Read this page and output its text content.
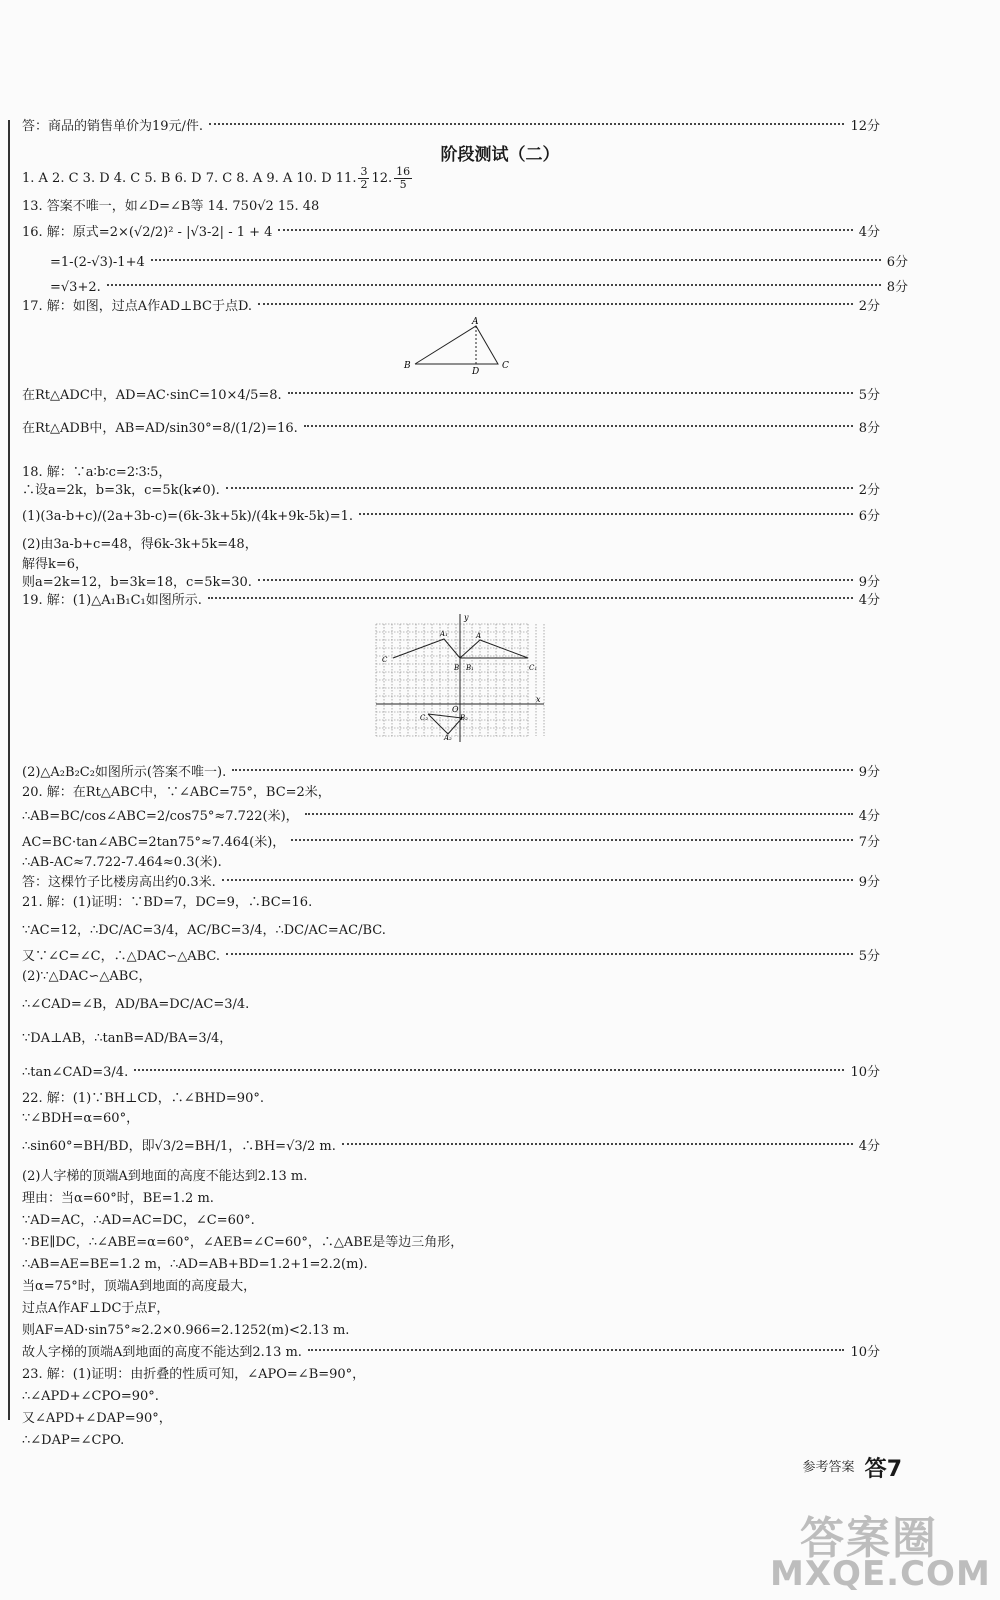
答：商品的销售单价为19元/件.	12分
阶段测试（二）
1. A 2. C 3. D 4. C 5. B 6. D 7. C 8. A 9. A 10. D 11. $\frac{3}{2} 12$. $\frac{16}{5}$
13. 答案不唯一，如∠D=∠B等 14. 750√2 15. 48
16. 解：原式=2×(√2/2)² - |√3-2| - 1 + 4	4分
=1-(2-√3)-1+4	6分
=√3+2.	8分
17. 解：如图，过点A作AD⊥BC于点D.	2分
A
B	C
D
在Rt△ADC中，AD=AC·sinC=10×4/5=8.	5分
在Rt△ADB中，AB=AD/sin30°=8/(1/2)=16.	8分
18. 解：∵a∶b∶c=2∶3∶5，
∴设a=2k，b=3k，c=5k(k≠0).	2分
(1)(3a-b+c)/(2a+3b-c)=(6k-3k+5k)/(4k+9k-5k)=1.	6分
(2)由3a-b+c=48，得6k-3k+5k=48，
解得k=6，
则a=2k=12，b=3k=18，c=5k=30.	9分
19. 解：(1)△A₁B₁C₁如图所示.	4分
y
x
O
A₁	A
C
C₁
B B₁
C₂	B₂
A₂
(2)△A₂B₂C₂如图所示(答案不唯一).	9分
20. 解：在Rt△ABC中，∵∠ABC=75°，BC=2米，
∴AB=BC/cos∠ABC=2/cos75°≈7.722(米)，	4分
AC=BC·tan∠ABC=2tan75°≈7.464(米)，	7分
∴AB-AC≈7.722-7.464≈0.3(米).
答：这棵竹子比楼房高出约0.3米.	9分
21. 解：(1)证明：∵BD=7，DC=9，∴BC=16.
∵AC=12，∴DC/AC=3/4，AC/BC=3/4，∴DC/AC=AC/BC.
又∵∠C=∠C，∴△DAC∽△ABC.	5分
(2)∵△DAC∽△ABC，
∴∠CAD=∠B，AD/BA=DC/AC=3/4.
∵DA⊥AB，∴tanB=AD/BA=3/4，
∴tan∠CAD=3/4.	10分
22. 解：(1)∵BH⊥CD，∴∠BHD=90°.
∵∠BDH=α=60°，
∴sin60°=BH/BD，即√3/2=BH/1，∴BH=√3/2 m.	4分
(2)人字梯的顶端A到地面的高度不能达到2.13 m.
理由：当α=60°时，BE=1.2 m.
∵AD=AC，∴AD=AC=DC，∠C=60°.
∵BE∥DC，∴∠ABE=α=60°，∠AEB=∠C=60°，∴△ABE是等边三角形，
∴AB=AE=BE=1.2 m，∴AD=AB+BD=1.2+1=2.2(m).
当α=75°时，顶端A到地面的高度最大，
过点A作AF⊥DC于点F，
则AF=AD·sin75°≈2.2×0.966=2.1252(m)<2.13 m.
故人字梯的顶端A到地面的高度不能达到2.13 m.	10分
23. 解：(1)证明：由折叠的性质可知，∠APO=∠B=90°，
∴∠APD+∠CPO=90°.
又∠APD+∠DAP=90°，
∴∠DAP=∠CPO.
参考答案 答7
答案圈
MXQE.COM
